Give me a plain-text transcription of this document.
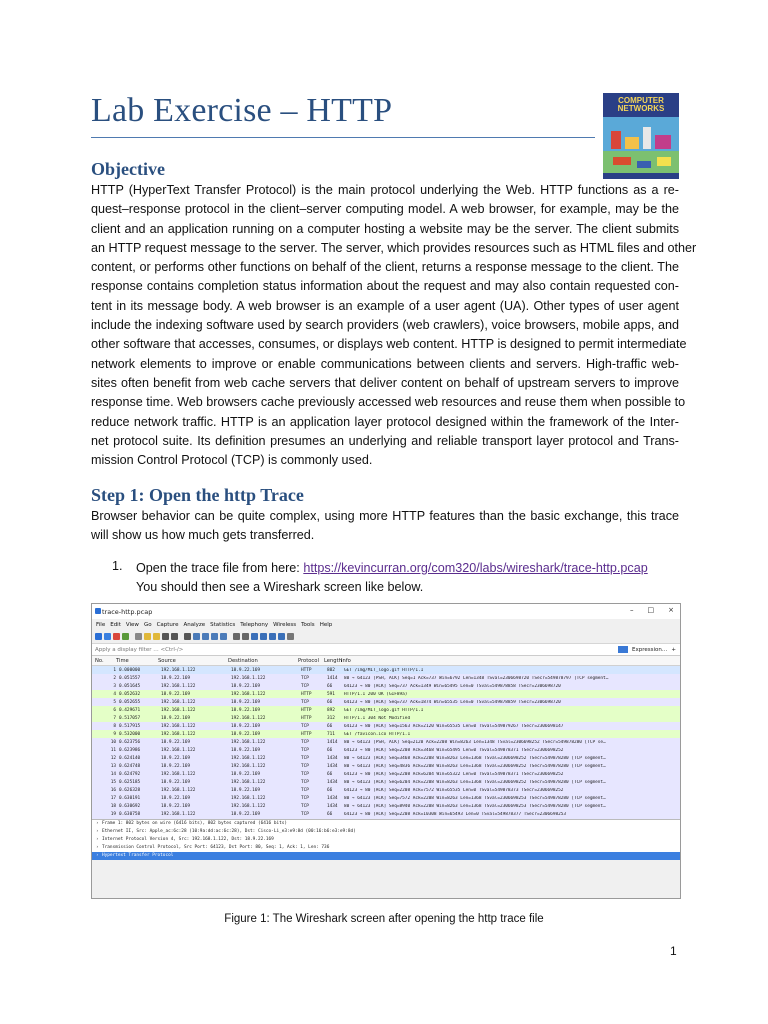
Lab Exercise – HTTP	COMPUTER
NETWORKS
Objective
HTTP (HyperText Transfer Protocol) is the main protocol underlying the Web. HTTP functions as a re-
quest–response protocol in the client–server computing model. A web browser, for example, may be the
client and an application running on a computer hosting a website may be the server. The client submits
an HTTP request message to the server. The server, which provides resources such as HTML files and other
content, or performs other functions on behalf of the client, returns a response message to the client. The
response contains completion status information about the request and may also contain requested con-
tent in its message body. A web browser is an example of a user agent (UA). Other types of user agent
include the indexing software used by search providers (web crawlers), voice browsers, mobile apps, and
other software that accesses, consumes, or displays web content. HTTP is designed to permit intermediate
network elements to improve or enable communications between clients and servers. High-traffic web-
sites often benefit from web cache servers that deliver content on behalf of upstream servers to improve
response time. Web browsers cache previously accessed web resources and reuse them when possible to
reduce network traffic. HTTP is an application layer protocol designed within the framework of the Inter-
net protocol suite. Its definition presumes an underlying and reliable transport layer protocol and Trans-
mission Control Protocol (TCP) is commonly used.
Step 1: Open the http Trace
Browser behavior can be quite complex, using more HTTP features than the basic exchange, this trace
will show us how much gets transferred.
1. Open the trace file from here: https://kevincurran.org/com320/labs/wireshark/trace-http.pcap
You should then see a Wireshark screen like below.
trace-http.pcap	– □ ×
File Edit View Go Capture Analyze Statistics Telephony Wireless Tools Help
Apply a display filter … <Ctrl-/>	Expression… +
No.	Time	Source	Destination	Protocol Length Info
1 0.000000	192.168.1.122	18.9.22.169	HTTP	802	GET /img/MIT_logo.gif HTTP/1.1
2 0.051557	18.9.22.169	192.168.1.122	TCP	1414	80 → 64123 [PSH, ACK] Seq=1 Ack=737 Win=6792 Len=1348 TSval=2306698720 TSecr=549878797 [TCP segment…
3 0.051645	192.168.1.122	18.9.22.169	TCP	66	64123 → 80 [ACK] Seq=737 Ack=1349 Win=65495 Len=0 TSval=549878858 TSecr=2306698720
4 0.052632	18.9.22.169	192.168.1.122	HTTP	591	HTTP/1.1 200 OK (GIF89a)
5 0.052655	192.168.1.122	18.9.22.169	TCP	66	64123 → 80 [ACK] Seq=737 Ack=1874 Win=65535 Len=0 TSval=549878859 TSecr=2306698720
6 0.429671	192.168.1.122	18.9.22.169	HTTP	892	GET /img/MIT_logo.gif HTTP/1.1
7 0.517057	18.9.22.169	192.168.1.122	HTTP	312	HTTP/1.1 304 Not Modified
8 0.517915	192.168.1.122	18.9.22.169	TCP	66	64123 → 80 [ACK] Seq=1563 Ack=2120 Win=65535 Len=0 TSval=549879267 TSecr=2306698147
9 0.532000	192.168.1.122	18.9.22.169	HTTP	711	GET /favicon.ico HTTP/1.1
10 0.623756	18.9.22.169	192.168.1.122	TCP	1414	80 → 64123 [PSH, ACK] Seq=2120 Ack=2208 Win=8263 Len=1348 TSval=2306698252 TSecr=549878280 [TCP se…
11 0.623986	192.168.1.122	18.9.22.169	TCP	66	64123 → 80 [ACK] Seq=2208 Ack=3468 Win=65495 Len=0 TSval=549878371 TSecr=2306698252
12 0.624140	18.9.22.169	192.168.1.122	TCP	1434	80 → 64123 [ACK] Seq=3468 Ack=2208 Win=8263 Len=1368 TSval=2306698252 TSecr=549878280 [TCP segment…
13 0.624748	18.9.22.169	192.168.1.122	TCP	1434	80 → 64123 [ACK] Seq=4836 Ack=2208 Win=8263 Len=1368 TSval=2306698252 TSecr=549878280 [TCP segment…
14 0.624792	192.168.1.122	18.9.22.169	TCP	66	64123 → 80 [ACK] Seq=2208 Ack=6204 Win=65322 Len=0 TSval=549878371 TSecr=2306698252
15 0.625185	18.9.22.169	192.168.1.122	TCP	1434	80 → 64123 [ACK] Seq=6204 Ack=2208 Win=8263 Len=1368 TSval=2306698252 TSecr=549878280 [TCP segment…
16 0.626328	192.168.1.122	18.9.22.169	TCP	66	64123 → 80 [ACK] Seq=2208 Ack=7572 Win=65535 Len=0 TSval=549878373 TSecr=2306698252
17 0.630191	18.9.22.169	192.168.1.122	TCP	1434	80 → 64123 [ACK] Seq=7572 Ack=2208 Win=8263 Len=1368 TSval=2306698253 TSecr=549878280 [TCP segment…
18 0.630692	18.9.22.169	192.168.1.122	TCP	1434	80 → 64123 [ACK] Seq=8940 Ack=2208 Win=8263 Len=1368 TSval=2306698253 TSecr=549878280 [TCP segment…
19 0.630758	192.168.1.122	18.9.22.169	TCP	66	64123 → 80 [ACK] Seq=2208 Ack=10308 Win=65493 Len=0 TSval=549878377 TSecr=2306698253
› Frame 1: 802 bytes on wire (6416 bits), 802 bytes captured (6416 bits)
› Ethernet II, Src: Apple_ac:6c:28 (10:9a:dd:ac:6c:28), Dst: Cisco-Li_e3:e9:8d (00:16:b6:e3:e9:8d)
› Internet Protocol Version 4, Src: 192.168.1.122, Dst: 18.9.22.169
› Transmission Control Protocol, Src Port: 64123, Dst Port: 80, Seq: 1, Ack: 1, Len: 736
› Hypertext Transfer Protocol
Figure 1: The Wireshark screen after opening the http trace file
1
